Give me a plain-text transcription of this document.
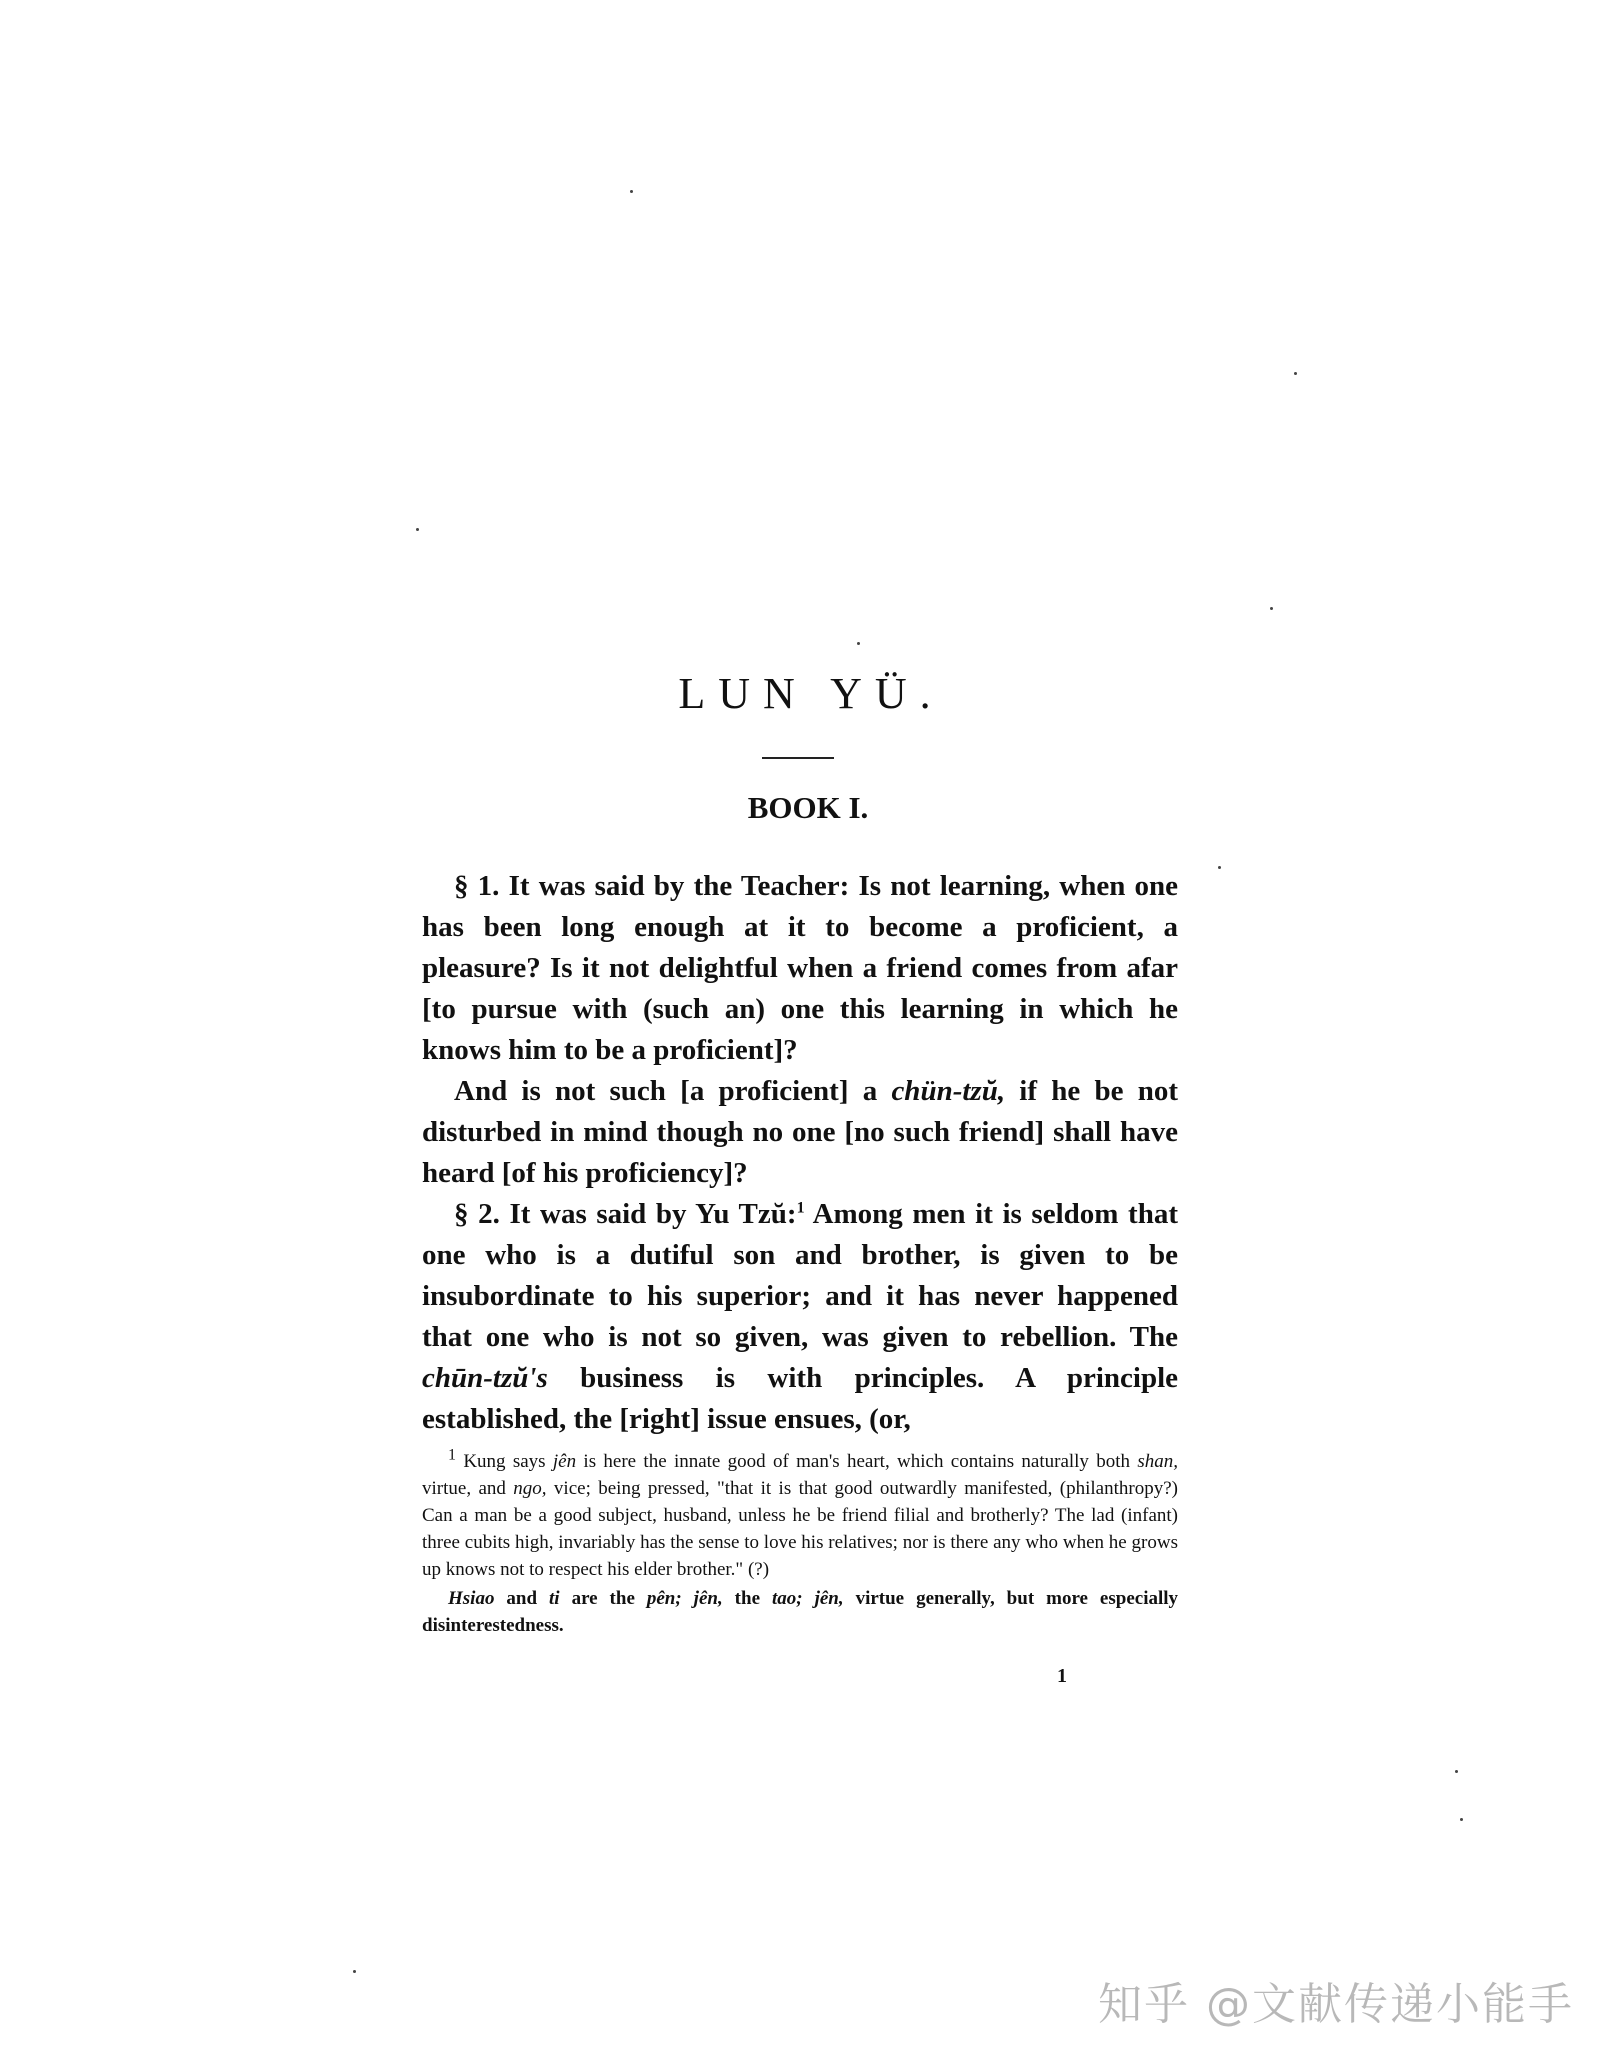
LUN YÜ.
BOOK I.

§ 1. It was said by the Teacher: Is not learning, when one has been long enough at it to become a proficient, a pleasure? Is it not delightful when a friend comes from afar [to pursue with (such an) one this learning in which he knows him to be a proficient]?

And is not such [a proficient] a chün-tzŭ, if he be not disturbed in mind though no one [no such friend] shall have heard [of his proficiency]?

§ 2. It was said by Yu Tzŭ:$^1$ Among men it is seldom that one who is a dutiful son and brother, is given to be insubordinate to his superior; and it has never happened that one who is not so given, was given to rebellion. The chūn-tzŭ's business is with principles. A principle established, the [right] issue ensues, (or,

$^1$ Kung says jên is here the innate good of man's heart, which contains naturally both shan, virtue, and ngo, vice; being pressed, "that it is that good outwardly manifested, (philanthropy?) Can a man be a good subject, husband, unless he be friend filial and brotherly? The lad (infant) three cubits high, invariably has the sense to love his relatives; nor is there any who when he grows up knows not to respect his elder brother." (?)

Hsiao and ti are the pên; jên, the tao; jên, virtue generally, but more especially disinterestedness.

1
知乎 @文献传递小能手
